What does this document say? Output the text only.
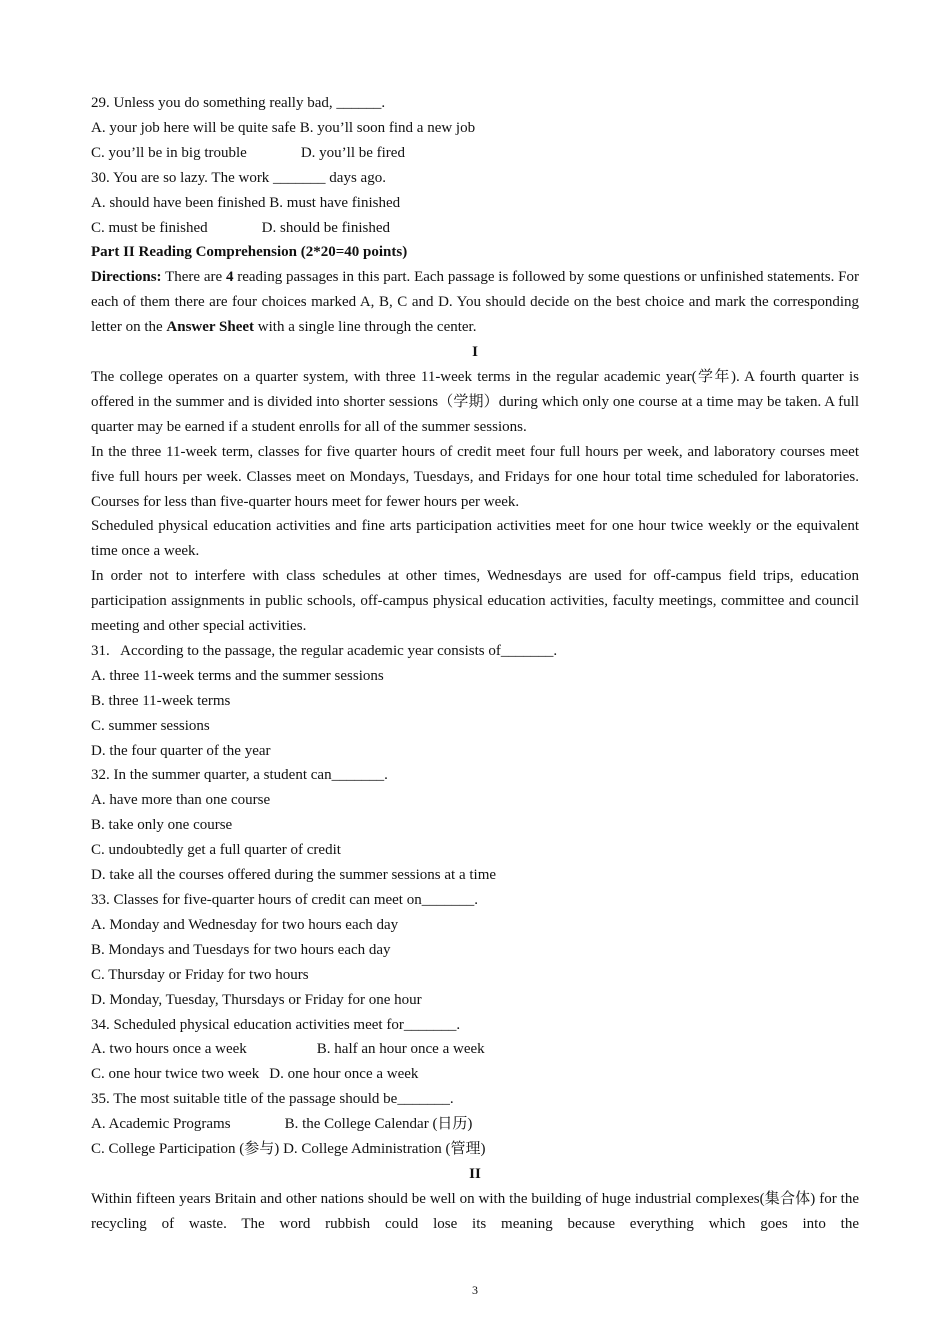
29. Unless you do something really bad, ______.
A. your job here will be quite safe B. you’ll soon find a new job
C. you’ll be in big trouble	D. you’ll be fired
30. You are so lazy. The work _______ days ago.
A. should have been finished B. must have finished
C. must be finished	D. should be finished
Part II Reading Comprehension (2*20=40 points)
Directions: There are 4 reading passages in this part. Each passage is followed by some questions or unfinished statements. For each of them there are four choices marked A, B, C and D. You should decide on the best choice and mark the corresponding letter on the Answer Sheet with a single line through the center.
I
The college operates on a quarter system, with three 11-week terms in the regular academic year(学年). A fourth quarter is offered in the summer and is divided into shorter sessions（学期）during which only one course at a time may be taken. A full quarter may be earned if a student enrolls for all of the summer sessions.
In the three 11-week term, classes for five quarter hours of credit meet four full hours per week, and laboratory courses meet five full hours per week. Classes meet on Mondays, Tuesdays, and Fridays for one hour total time scheduled for laboratories. Courses for less than five-quarter hours meet for fewer hours per week.
Scheduled physical education activities and fine arts participation activities meet for one hour twice weekly or the equivalent time once a week.
In order not to interfere with class schedules at other times, Wednesdays are used for off-campus field trips, education participation assignments in public schools, off-campus physical education activities, faculty meetings, committee and council meeting and other special activities.
31.   According to the passage, the regular academic year consists of_______.
A. three 11-week terms and the summer sessions
B. three 11-week terms
C. summer sessions
D. the four quarter of the year
32. In the summer quarter, a student can_______.
A. have more than one course
B. take only one course
C. undoubtedly get a full quarter of credit
D. take all the courses offered during the summer sessions at a time
33. Classes for five-quarter hours of credit can meet on_______.
A. Monday and Wednesday for two hours each day
B. Mondays and Tuesdays for two hours each day
C. Thursday or Friday for two hours
D. Monday, Tuesday, Thursdays or Friday for one hour
34. Scheduled physical education activities meet for_______.
A. two hours once a week	B. half an hour once a week
C. one hour twice two week D. one hour once a week
35. The most suitable title of the passage should be_______.
A. Academic Programs	B. the College Calendar (日历)
C. College Participation (参与) D. College Administration (管理)
II
Within fifteen years Britain and other nations should be well on with the building of huge industrial complexes(集合体) for the recycling of waste. The word rubbish could lose its meaning because everything which goes into the
3
